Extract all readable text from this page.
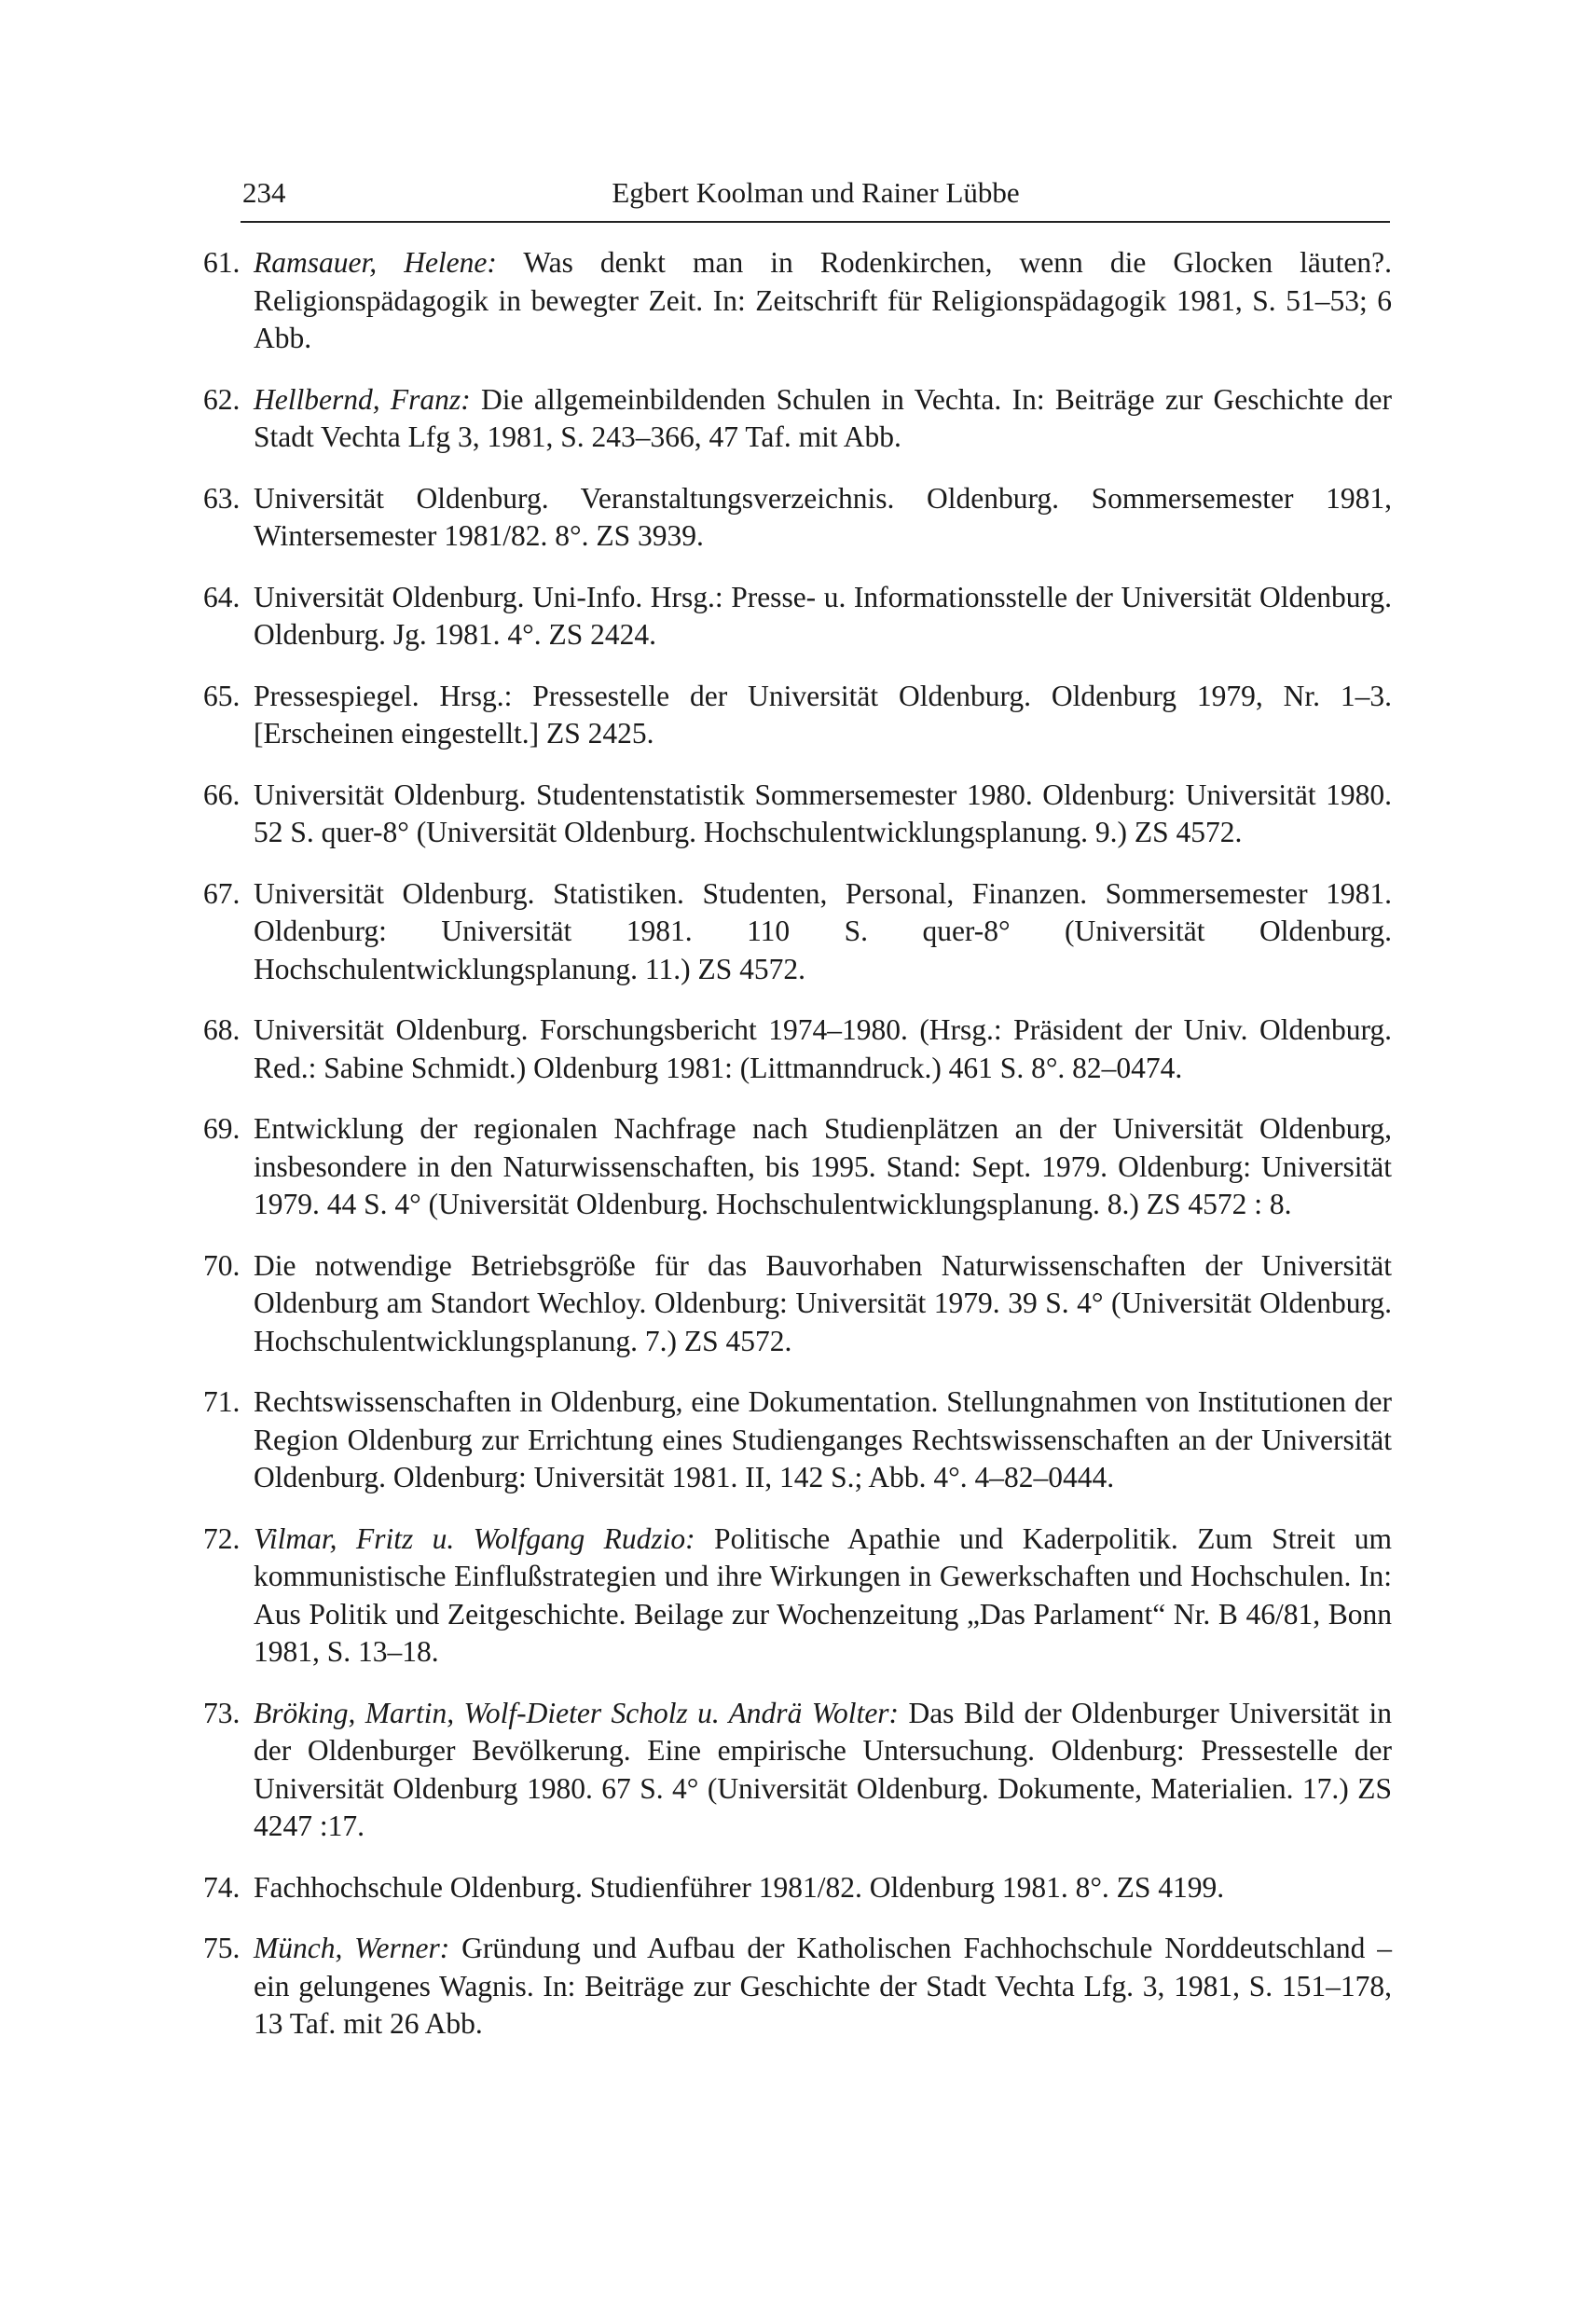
234	Egbert Koolman und Rainer Lübbe
61. Ramsauer, Helene: Was denkt man in Rodenkirchen, wenn die Glocken läuten?. Religionspädagogik in bewegter Zeit. In: Zeitschrift für Religionspädagogik 1981, S. 51–53; 6 Abb.
62. Hellbernd, Franz: Die allgemeinbildenden Schulen in Vechta. In: Beiträge zur Geschichte der Stadt Vechta Lfg 3, 1981, S. 243–366, 47 Taf. mit Abb.
63. Universität Oldenburg. Veranstaltungsverzeichnis. Oldenburg. Sommersemester 1981, Wintersemester 1981/82. 8°. ZS 3939.
64. Universität Oldenburg. Uni-Info. Hrsg.: Presse- u. Informationsstelle der Universität Oldenburg. Oldenburg. Jg. 1981. 4°. ZS 2424.
65. Pressespiegel. Hrsg.: Pressestelle der Universität Oldenburg. Oldenburg 1979, Nr. 1–3. [Erscheinen eingestellt.] ZS 2425.
66. Universität Oldenburg. Studentenstatistik Sommersemester 1980. Oldenburg: Universität 1980. 52 S. quer-8° (Universität Oldenburg. Hochschulentwicklungsplanung. 9.) ZS 4572.
67. Universität Oldenburg. Statistiken. Studenten, Personal, Finanzen. Sommersemester 1981. Oldenburg: Universität 1981. 110 S. quer-8° (Universität Oldenburg. Hochschulentwicklungsplanung. 11.) ZS 4572.
68. Universität Oldenburg. Forschungsbericht 1974–1980. (Hrsg.: Präsident der Univ. Oldenburg. Red.: Sabine Schmidt.) Oldenburg 1981: (Littmanndruck.) 461 S. 8°. 82–0474.
69. Entwicklung der regionalen Nachfrage nach Studienplätzen an der Universität Oldenburg, insbesondere in den Naturwissenschaften, bis 1995. Stand: Sept. 1979. Oldenburg: Universität 1979. 44 S. 4° (Universität Oldenburg. Hochschulentwicklungsplanung. 8.) ZS 4572 : 8.
70. Die notwendige Betriebsgröße für das Bauvorhaben Naturwissenschaften der Universität Oldenburg am Standort Wechloy. Oldenburg: Universität 1979. 39 S. 4° (Universität Oldenburg. Hochschulentwicklungsplanung. 7.) ZS 4572.
71. Rechtswissenschaften in Oldenburg, eine Dokumentation. Stellungnahmen von Institutionen der Region Oldenburg zur Errichtung eines Studienganges Rechtswissenschaften an der Universität Oldenburg. Oldenburg: Universität 1981. II, 142 S.; Abb. 4°. 4–82–0444.
72. Vilmar, Fritz u. Wolfgang Rudzio: Politische Apathie und Kaderpolitik. Zum Streit um kommunistische Einflußstrategien und ihre Wirkungen in Gewerkschaften und Hochschulen. In: Aus Politik und Zeitgeschichte. Beilage zur Wochenzeitung „Das Parlament“ Nr. B 46/81, Bonn 1981, S. 13–18.
73. Bröking, Martin, Wolf-Dieter Scholz u. Andrä Wolter: Das Bild der Oldenburger Universität in der Oldenburger Bevölkerung. Eine empirische Untersuchung. Oldenburg: Pressestelle der Universität Oldenburg 1980. 67 S. 4° (Universität Oldenburg. Dokumente, Materialien. 17.) ZS 4247 :17.
74. Fachhochschule Oldenburg. Studienführer 1981/82. Oldenburg 1981. 8°. ZS 4199.
75. Münch, Werner: Gründung und Aufbau der Katholischen Fachhochschule Norddeutschland – ein gelungenes Wagnis. In: Beiträge zur Geschichte der Stadt Vechta Lfg. 3, 1981, S. 151–178, 13 Taf. mit 26 Abb.
